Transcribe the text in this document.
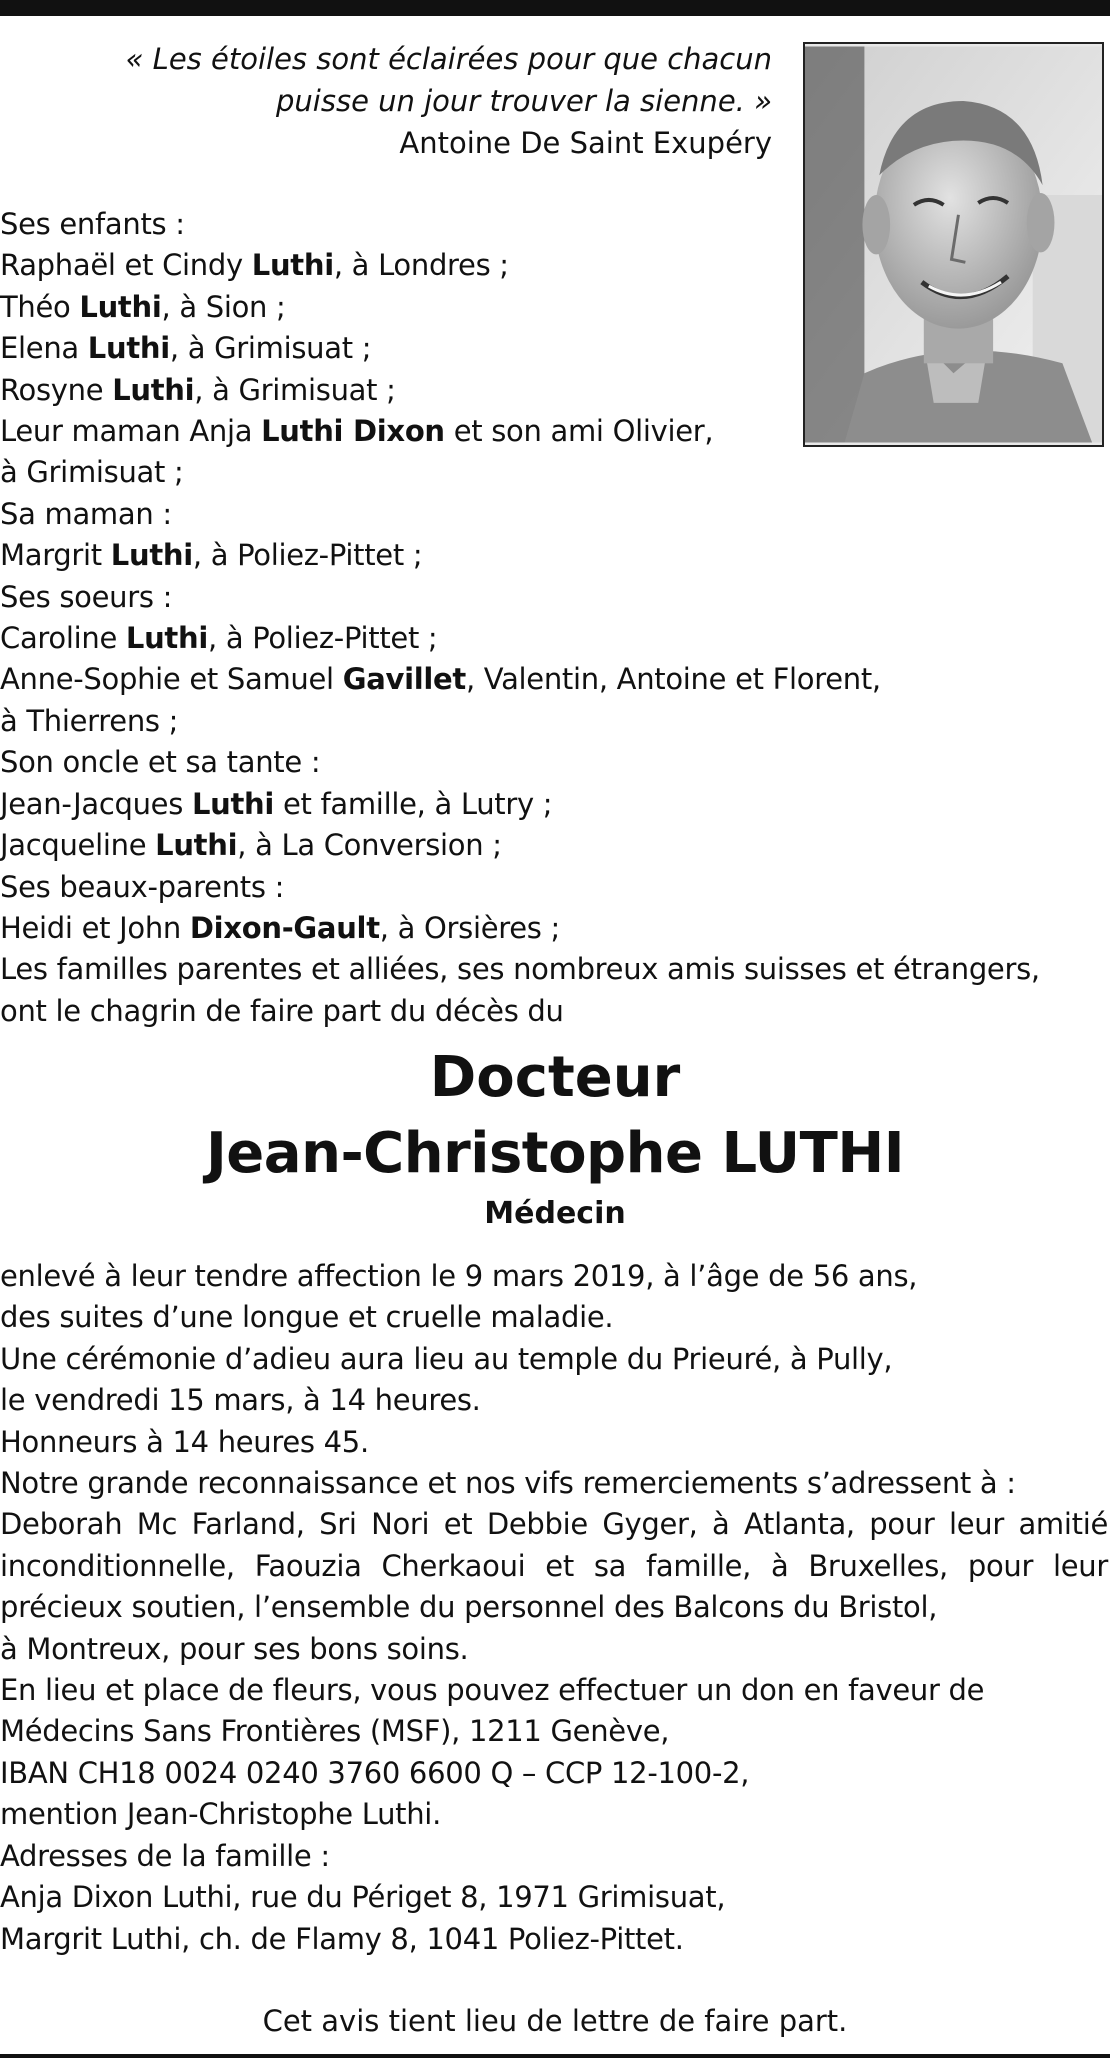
« Les étoiles sont éclairées pour que chacun
puisse un jour trouver la sienne. »
Antoine De Saint Exupéry
Ses enfants :
Raphaël et Cindy Luthi, à Londres ;
Théo Luthi, à Sion ;
Elena Luthi, à Grimisuat ;
Rosyne Luthi, à Grimisuat ;
Leur maman Anja Luthi Dixon et son ami Olivier,
à Grimisuat ;
Sa maman :
Margrit Luthi, à Poliez-Pittet ;
Ses soeurs :
Caroline Luthi, à Poliez-Pittet ;
Anne-Sophie et Samuel Gavillet, Valentin, Antoine et Florent,
à Thierrens ;
Son oncle et sa tante :
Jean-Jacques Luthi et famille, à Lutry ;
Jacqueline Luthi, à La Conversion ;
Ses beaux-parents :
Heidi et John Dixon-Gault, à Orsières ;
Les familles parentes et alliées, ses nombreux amis suisses et étrangers,
ont le chagrin de faire part du décès du
Docteur
Jean-Christophe LUTHI
Médecin
enlevé à leur tendre affection le 9 mars 2019, à l’âge de 56 ans,
des suites d’une longue et cruelle maladie.
Une cérémonie d’adieu aura lieu au temple du Prieuré, à Pully,
le vendredi 15 mars, à 14 heures.
Honneurs à 14 heures 45.
Notre grande reconnaissance et nos vifs remerciements s’adressent à :
Deborah Mc Farland, Sri Nori et Debbie Gyger, à Atlanta, pour leur amitié
inconditionnelle, Faouzia Cherkaoui et sa famille, à Bruxelles, pour leur
précieux soutien, l’ensemble du personnel des Balcons du Bristol,
à Montreux, pour ses bons soins.
En lieu et place de fleurs, vous pouvez effectuer un don en faveur de
Médecins Sans Frontières (MSF), 1211 Genève,
IBAN CH18 0024 0240 3760 6600 Q – CCP 12-100-2,
mention Jean-Christophe Luthi.
Adresses de la famille :
Anja Dixon Luthi, rue du Périget 8, 1971 Grimisuat,
Margrit Luthi, ch. de Flamy 8, 1041 Poliez-Pittet.
Cet avis tient lieu de lettre de faire part.
